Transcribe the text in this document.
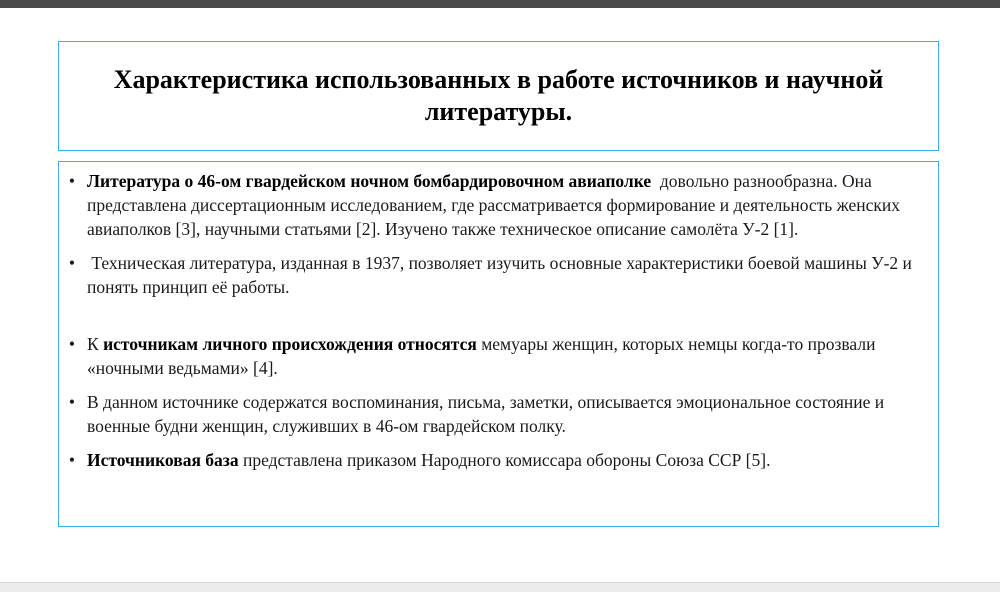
Характеристика использованных в работе источников и научной литературы.
• Литература о 46-ом гвардейском ночном бомбардировочном авиаполке  довольно разнообразна. Она представлена диссертационным исследованием, где рассматривается формирование и деятельность женских авиаполков [3], научными статьями [2]. Изучено также техническое описание самолёта У-2 [1].
• Техническая литература, изданная в 1937, позволяет изучить основные характеристики боевой машины У-2 и понять принцип её работы.
• К источникам личного происхождения относятся мемуары женщин, которых немцы когда-то прозвали «ночными ведьмами» [4].
• В данном источнике содержатся воспоминания, письма, заметки, описывается эмоциональное состояние и военные будни женщин, служивших в 46-ом гвардейском полку.
• Источниковая база представлена приказом Народного комиссара обороны Союза ССР [5].
